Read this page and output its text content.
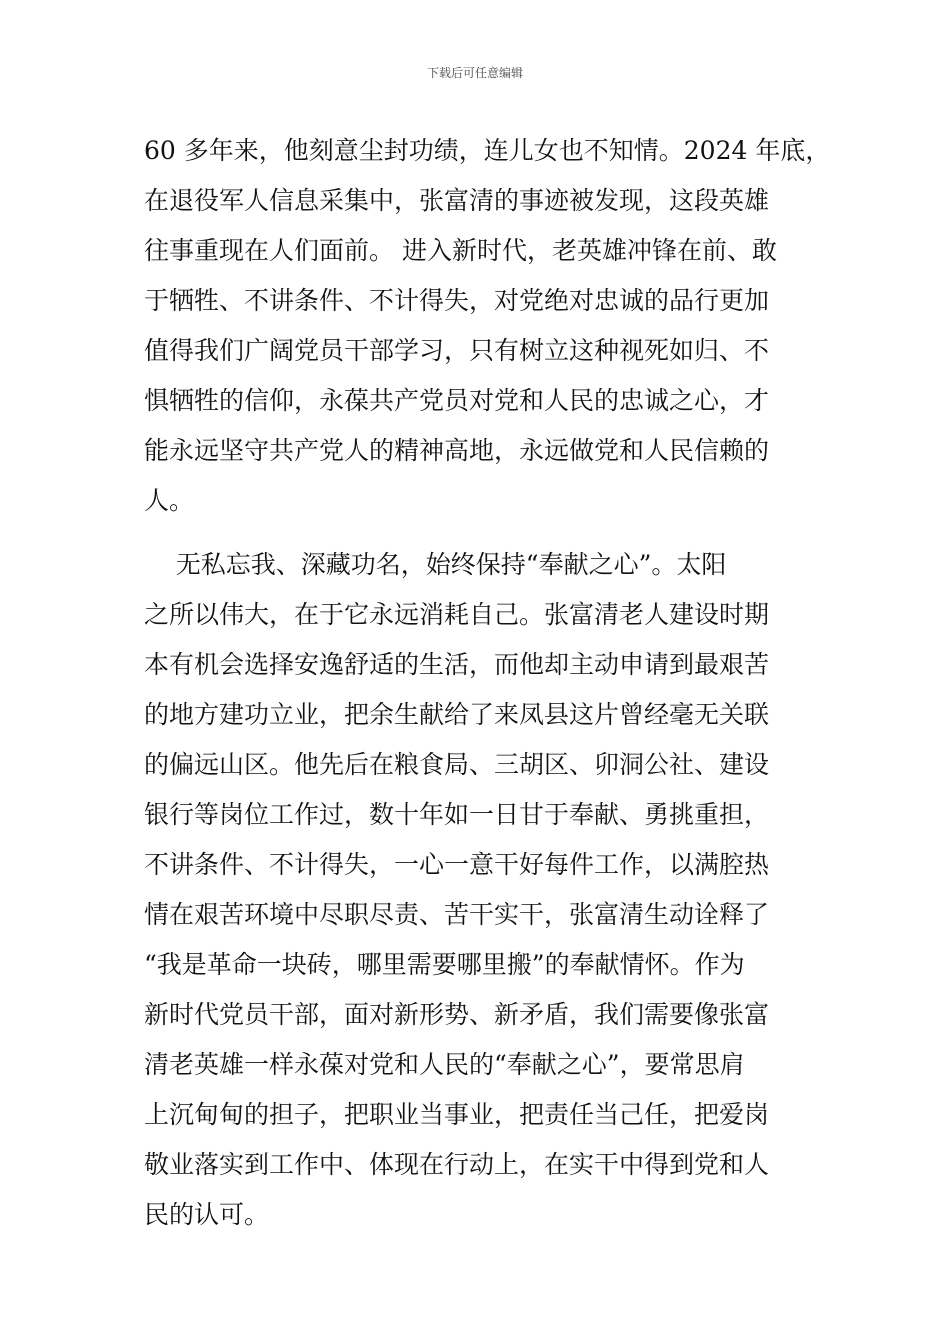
下载后可任意编辑
60 多年来，他刻意尘封功绩，连儿女也不知情。2024 年底，
在退役军人信息采集中，张富清的事迹被发现，这段英雄
往事重现在人们面前。 进入新时代，老英雄冲锋在前、敢
于牺牲、不讲条件、不计得失，对党绝对忠诚的品行更加
值得我们广阔党员干部学习，只有树立这种视死如归、不
惧牺牲的信仰，永葆共产党员对党和人民的忠诚之心，才
能永远坚守共产党人的精神高地，永远做党和人民信赖的
人。
无私忘我、深藏功名，始终保持“奉献之心”。太阳
之所以伟大，在于它永远消耗自己。张富清老人建设时期
本有机会选择安逸舒适的生活，而他却主动申请到最艰苦
的地方建功立业，把余生献给了来凤县这片曾经毫无关联
的偏远山区。他先后在粮食局、三胡区、卯洞公社、建设
银行等岗位工作过，数十年如一日甘于奉献、勇挑重担，
不讲条件、不计得失，一心一意干好每件工作，以满腔热
情在艰苦环境中尽职尽责、苦干实干，张富清生动诠释了
“我是革命一块砖，哪里需要哪里搬”的奉献情怀。作为
新时代党员干部，面对新形势、新矛盾，我们需要像张富
清老英雄一样永葆对党和人民的“奉献之心”，要常思肩
上沉甸甸的担子，把职业当事业，把责任当己任，把爱岗
敬业落实到工作中、体现在行动上，在实干中得到党和人
民的认可。
